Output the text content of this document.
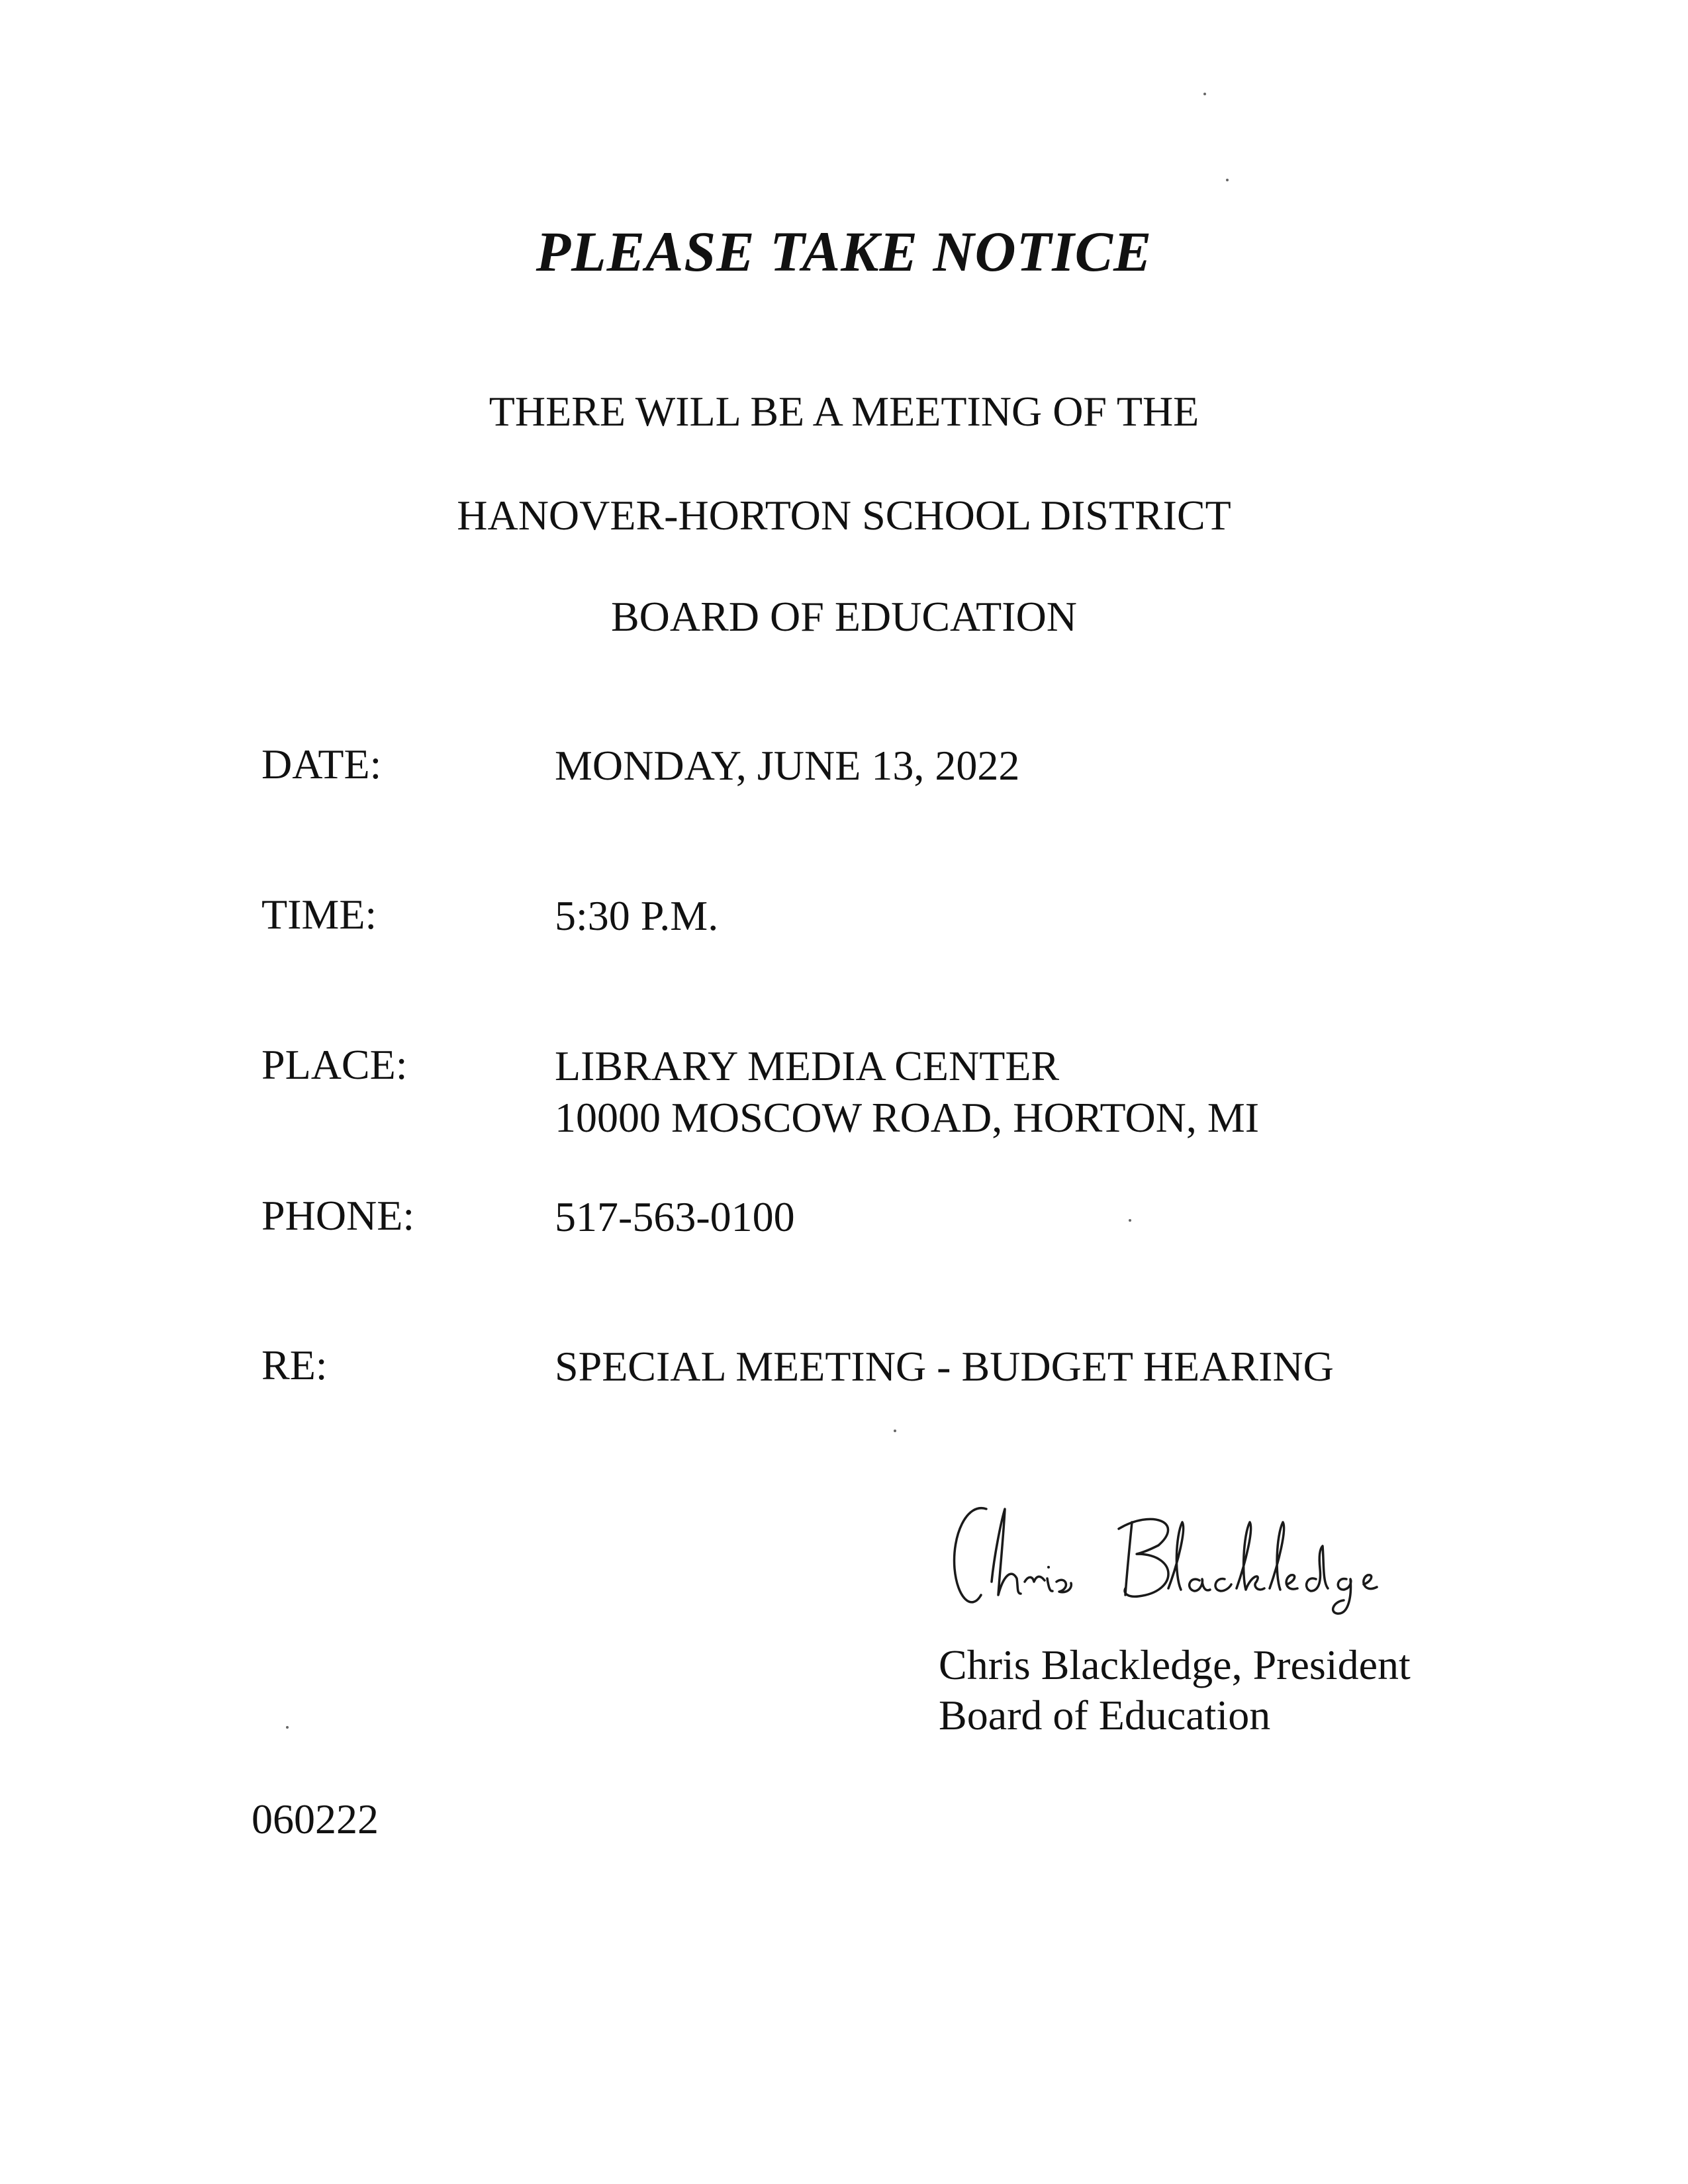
PLEASE TAKE NOTICE
THERE WILL BE A MEETING OF THE
HANOVER-HORTON SCHOOL DISTRICT
BOARD OF EDUCATION
DATE:	MONDAY, JUNE 13, 2022
TIME:	5:30 P.M.
PLACE:	LIBRARY MEDIA CENTER
10000 MOSCOW ROAD, HORTON, MI
PHONE:	517-563-0100
RE:	SPECIAL MEETING - BUDGET HEARING
Chris Blackledge, President
Board of Education
060222
